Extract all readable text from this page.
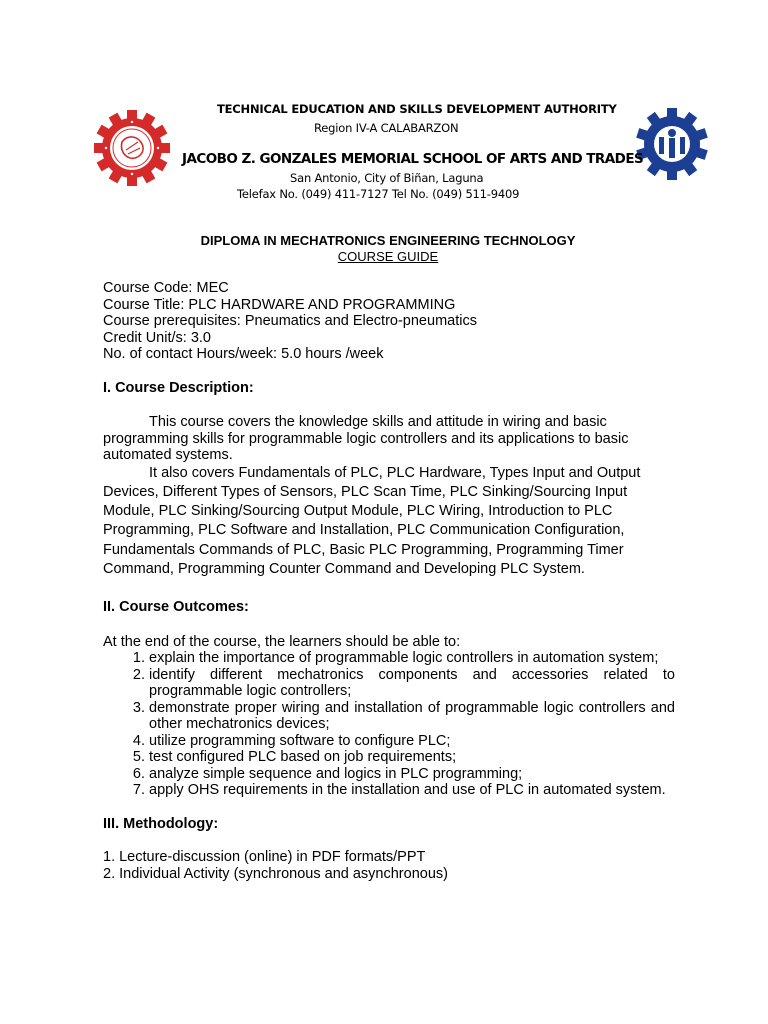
TECHNICAL EDUCATION AND SKILLS DEVELOPMENT AUTHORITY
Region IV-A CALABARZON
JACOBO Z. GONZALES MEMORIAL SCHOOL OF ARTS AND TRADES
San Antonio, City of Biñan, Laguna
Telefax No. (049) 411-7127 Tel No. (049) 511-9409
DIPLOMA IN MECHATRONICS ENGINEERING TECHNOLOGY
COURSE GUIDE
Course Code: MEC
Course Title: PLC HARDWARE AND PROGRAMMING
Course prerequisites: Pneumatics and Electro-pneumatics
Credit Unit/s: 3.0
No. of contact Hours/week: 5.0 hours /week

I. Course Description:

This course covers the knowledge skills and attitude in wiring and basic programming skills for programmable logic controllers and its applications to basic automated systems.

It also covers Fundamentals of PLC, PLC Hardware, Types Input and Output Devices, Different Types of Sensors, PLC Scan Time, PLC Sinking/Sourcing Input Module, PLC Sinking/Sourcing Output Module, PLC Wiring, Introduction to PLC Programming, PLC Software and Installation, PLC Communication Configuration, Fundamentals Commands of PLC, Basic PLC Programming, Programming Timer Command, Programming Counter Command and Developing PLC System.

II. Course Outcomes:

At the end of the course, the learners should be able to:

1. explain the importance of programmable logic controllers in automation system;
2. identify different mechatronics components and accessories related to programmable logic controllers;
3. demonstrate proper wiring and installation of programmable logic controllers and other mechatronics devices;
4. utilize programming software to configure PLC;
5. test configured PLC based on job requirements;
6. analyze simple sequence and logics in PLC programming;
7. apply OHS requirements in the installation and use of PLC in automated system.

III. Methodology:

1. Lecture-discussion (online) in PDF formats/PPT
2. Individual Activity (synchronous and asynchronous)
